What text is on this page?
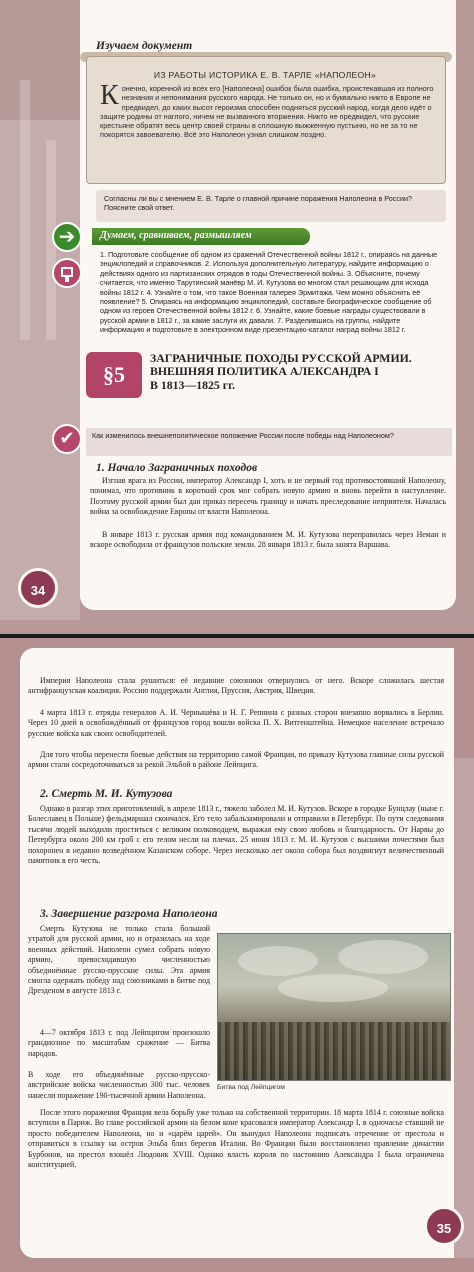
Изучаем документ
ИЗ РАБОТЫ ИСТОРИКА Е. В. ТАРЛЕ «НАПОЛЕОН»
Конечно, коренной из всех его [Наполеона] ошибок была ошибка, проистекавшая из полного незнания и непонимания русского народа. Не только он, но и буквально никто в Европе не предвидел, до каких высот героизма способен подняться русский народ, когда дело идёт о защите родины от наглого, ничем не вызванного вторжения. Никто не предвидел, что русские крестьяне обратят весь центр своей страны в сплошную выжженную пустыню, но не за то не покорятся завоевателю. Всё это Наполеон узнал слишком поздно.
Согласны ли вы с мнением Е. В. Тарле о главной причине поражения Наполеона в России? Поясните свой ответ.
➔	Думаем, сравниваем, размышляем
1. Подготовьте сообщение об одном из сражений Отечественной войны 1812 г., опираясь на данные энциклопедий и справочников. 2. Используя дополнительную литературу, найдите информацию о действиях одного из партизанских отрядов в годы Отечественной войны. 3. Объясните, почему считается, что именно Тарутинский манёвр М. И. Кутузова во многом стал решающим для исхода войны 1812 г. 4. Узнайте о том, что такое Военная галерея Эрмитажа. Чем можно объяснить её появление? 5. Опираясь на информацию энциклопедий, составьте биографическое сообщение об одном из героев Отечественной войны 1812 г. 6. Узнайте, какие боевые награды существовали в русской армии в 1812 г., за какие заслуги их давали. 7. Разделившись на группы, найдите информацию и подготовьте в электронном виде презентацию-каталог наград войны 1812 г.
§5
ЗАГРАНИЧНЫЕ ПОХОДЫ РУССКОЙ АРМИИ.
ВНЕШНЯЯ ПОЛИТИКА АЛЕКСАНДРА I
В 1813—1825 гг.
✔	Как изменилось внешнеполитическое положение России после победы над Наполеоном?
1. Начало Заграничных походов
Изгнав врага из России, император Александр I, хоть и не первый год противостоявший Наполеону, понимал, что противник в короткий срок мог собрать новую армию и вновь перейти в наступление. Поэтому русской армии был дан приказ пересечь границу и начать преследование неприятеля. Началась война за освобождение Европы от власти Наполеона.
В январе 1813 г. русская армия под командованием М. И. Кутузова переправилась через Неман и вскоре освободила от французов польские земли. 28 января 1813 г. была занята Варшава.
34
Империя Наполеона стала рушиться: её недавние союзники отвернулись от него. Вскоре сложилась шестая антифранцузская коалиция. Россию поддержали Англия, Пруссия, Австрия, Швеция.
4 марта 1813 г. отряды генералов А. И. Чернышёва и Н. Г. Репнина с разных сторон внезапно ворвались в Берлин. Через 10 дней в освобождённый от французов город вошли войска П. Х. Витгенштейна. Немецкое население встречало русские войска как своих освободителей.
Для того чтобы перенести боевые действия на территорию самой Франции, по приказу Кутузова главные силы русской армии стали сосредоточиваться за рекой Эльбой в районе Лейпцига.
2. Смерть М. И. Кутузова
Однако в разгар этих приготовлений, в апреле 1813 г., тяжело заболел М. И. Кутузов. Вскоре в городке Бунцлау (ныне г. Болеславец в Польше) фельдмаршал скончался. Его тело забальзамировали и отправили в Петербург. По пути следования тысячи людей выходили проститься с великим полководцем, выражая ему свою любовь и благодарность. От Нарвы до Петербурга около 200 км гроб с его телом несли на плечах. 25 июня 1813 г. М. И. Кутузов с высшими почестями был похоронен в недавно возведённом Казанском соборе. Через несколько лет около собора был воздвигнут величественный памятник в его честь.
3. Завершение разгрома Наполеона
Смерть Кутузова не только стала большой утратой для русской армии, но и отразилась на ходе военных действий. Наполеон сумел собрать новую армию, превосходившую численностью объединённые русско-прусские силы. Эта армия смогла одержать победу над союзниками в битве под Дрезденом в августе 1813 г.
4—7 октября 1813 г. под Лейпцигом произошло грандиозное по масштабам сражение — Битва народов.
В ходе его объединённые русско-прусско-австрийские войска численностью 300 тыс. человек нанесли поражение 190-тысячной армии Наполеона.
Битва под Лейпцигом
После этого поражения Франция вела борьбу уже только на собственной территории. 18 марта 1814 г. союзные войска вступили в Париж. Во главе российской армии на белом коне красовался император Александр I, в одночасье ставший не просто победителем Наполеона, но и «царём царей». Он вынудил Наполеона подписать отречение от престола и отправиться в ссылку на остров Эльба близ берегов Италии. Во Франции было восстановлено правление династии Бурбонов, на престол взошёл Людовик XVIII. Однако власть короля по настоянию Александра I была ограничена конституцией.
35
